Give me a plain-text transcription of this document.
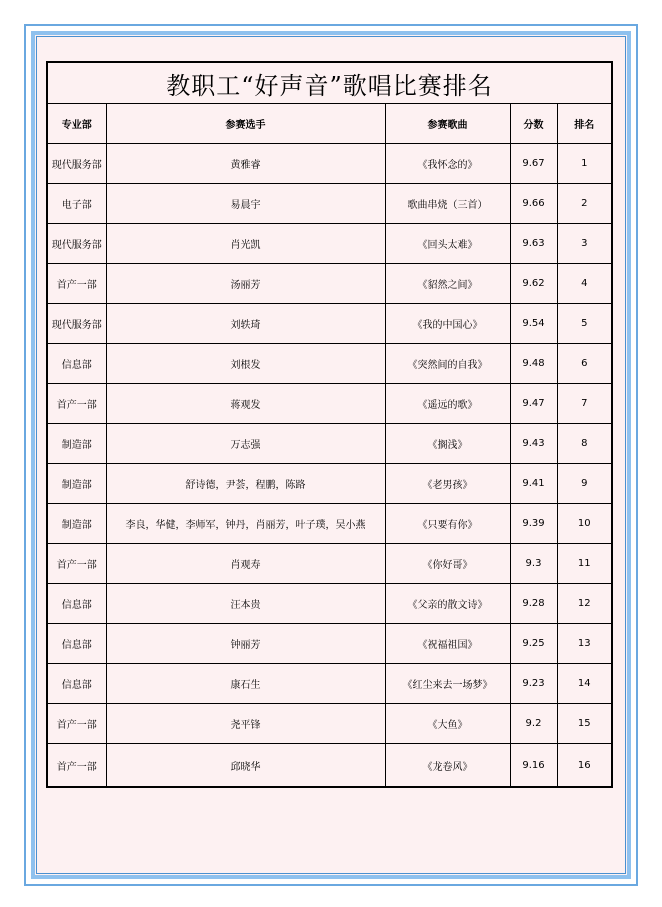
教职工“好声音”歌唱比赛排名				
专业部	参赛选手	参赛歌曲	分数	排名
现代服务部	黄雅睿	《我怀念的》	9.67	1
电子部	易晨宇	歌曲串烧（三首）	9.66	2
现代服务部	肖光凯	《回头太难》	9.63	3
首产一部	汤丽芳	《貂然之间》	9.62	4
现代服务部	刘轶琦	《我的中国心》	9.54	5
信息部	刘根发	《突然间的自我》	9.48	6
首产一部	蒋观发	《遥远的歌》	9.47	7
制造部	万志强	《搁浅》	9.43	8
制造部	舒诗德，尹荟，程鹏，陈路	《老男孩》	9.41	9
制造部	李良，华健，李师军，钟丹，肖丽芳，叶子璞，吴小燕	《只要有你》	9.39	10
首产一部	肖观寿	《你好哥》	9.3	11
信息部	汪本贵	《父亲的散文诗》	9.28	12
信息部	钟丽芳	《祝福祖国》	9.25	13
信息部	康石生	《红尘来去一场梦》	9.23	14
首产一部	尧平锋	《大鱼》	9.2	15
首产一部	邱晓华	《龙卷风》	9.16	16
